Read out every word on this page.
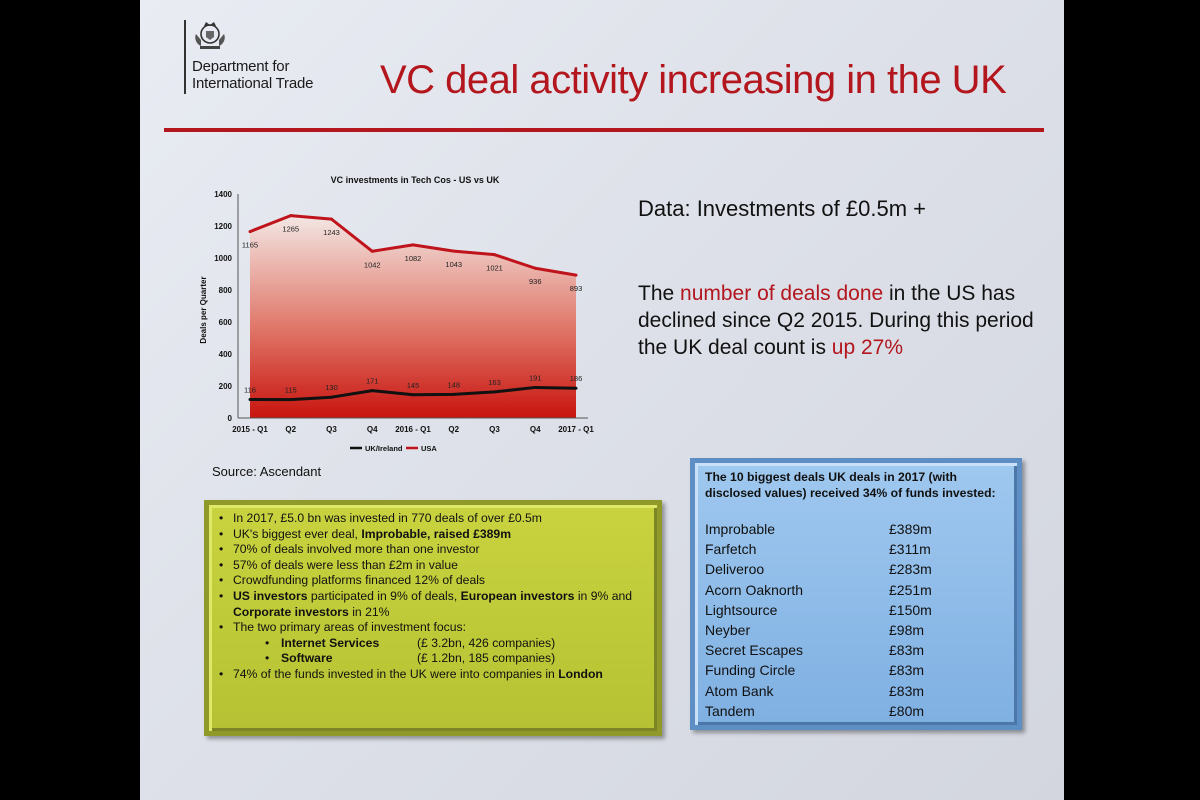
Department for
International Trade VC deal activity increasing in the UK
VC investments in Tech Cos - US vs UK
Deals per Quarter
0
200
400
600
800
1000
1200
1400
2015 - Q1 Q2	Q3	Q4 2016 - Q1 Q2	Q3	Q4 2017 - Q1
116	115	130
171	145	148	163	191	186
1165
1265	1243
1042
1082
1043	1021
936
893
UK/Ireland USA
Source: Ascendant
Data: Investments of £0.5m +
The number of deals done in the US has declined since Q2 2015. During this period the UK deal count is up 27%
• In 2017, £5.0 bn was invested in 770 deals of over £0.5m
• UK's biggest ever deal, Improbable, raised £389m
• 70% of deals involved more than one investor
• 57% of deals were less than £2m in value
• Crowdfunding platforms financed 12% of deals
• US investors participated in 9% of deals, European investors in 9% and Corporate investors in 21%
• The two primary areas of investment focus:
• Internet Services	(£ 3.2bn, 426 companies)
• Software	(£ 1.2bn, 185 companies)
• 74% of the funds invested in the UK were into companies in London
The 10 biggest deals UK deals in 2017 (with disclosed values) received 34% of funds invested:
Improbable	£389m
Farfetch	£311m
Deliveroo	£283m
Acorn Oaknorth	£251m
Lightsource	£150m
Neyber	£98m
Secret Escapes	£83m
Funding Circle	£83m
Atom Bank	£83m
Tandem	£80m
